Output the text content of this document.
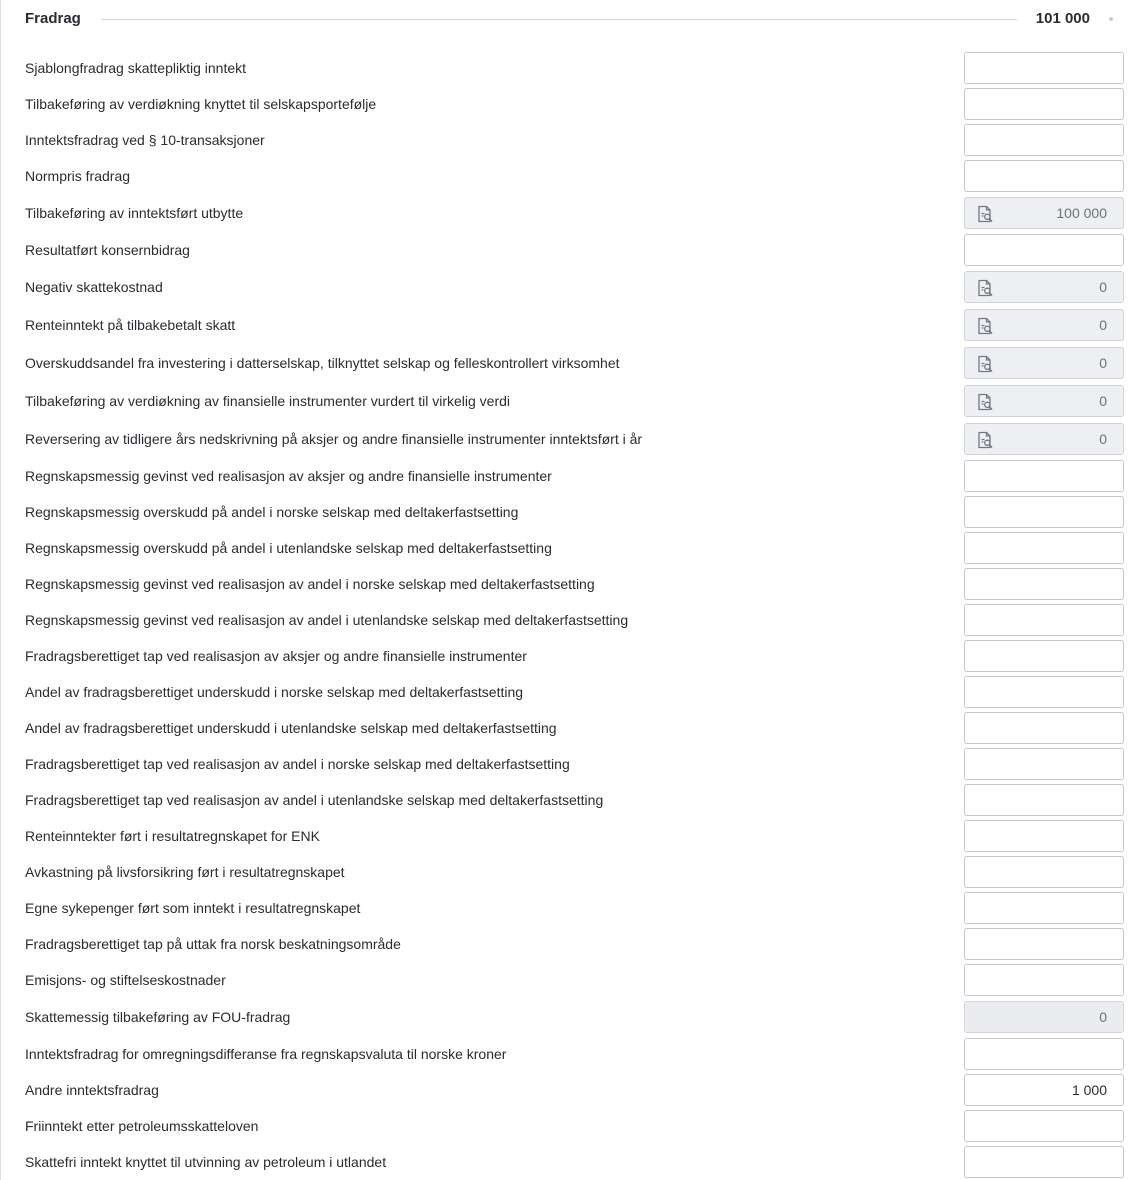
Fradrag	101 000
Sjablongfradrag skattepliktig inntekt
Tilbakeføring av verdiøkning knyttet til selskapsportefølje
Inntektsfradrag ved § 10-transaksjoner
Normpris fradrag
Tilbakeføring av inntektsført utbytte	100 000
Resultatført konsernbidrag
Negativ skattekostnad	0
Renteinntekt på tilbakebetalt skatt	0
Overskuddsandel fra investering i datterselskap, tilknyttet selskap og felleskontrollert virksomhet	0
Tilbakeføring av verdiøkning av finansielle instrumenter vurdert til virkelig verdi	0
Reversering av tidligere års nedskrivning på aksjer og andre finansielle instrumenter inntektsført i år	0
Regnskapsmessig gevinst ved realisasjon av aksjer og andre finansielle instrumenter
Regnskapsmessig overskudd på andel i norske selskap med deltakerfastsetting
Regnskapsmessig overskudd på andel i utenlandske selskap med deltakerfastsetting
Regnskapsmessig gevinst ved realisasjon av andel i norske selskap med deltakerfastsetting
Regnskapsmessig gevinst ved realisasjon av andel i utenlandske selskap med deltakerfastsetting
Fradragsberettiget tap ved realisasjon av aksjer og andre finansielle instrumenter
Andel av fradragsberettiget underskudd i norske selskap med deltakerfastsetting
Andel av fradragsberettiget underskudd i utenlandske selskap med deltakerfastsetting
Fradragsberettiget tap ved realisasjon av andel i norske selskap med deltakerfastsetting
Fradragsberettiget tap ved realisasjon av andel i utenlandske selskap med deltakerfastsetting
Renteinntekter ført i resultatregnskapet for ENK
Avkastning på livsforsikring ført i resultatregnskapet
Egne sykepenger ført som inntekt i resultatregnskapet
Fradragsberettiget tap på uttak fra norsk beskatningsområde
Emisjons- og stiftelseskostnader
Skattemessig tilbakeføring av FOU-fradrag	0
Inntektsfradrag for omregningsdifferanse fra regnskapsvaluta til norske kroner
Andre inntektsfradrag	1 000
Friinntekt etter petroleumsskatteloven
Skattefri inntekt knyttet til utvinning av petroleum i utlandet
